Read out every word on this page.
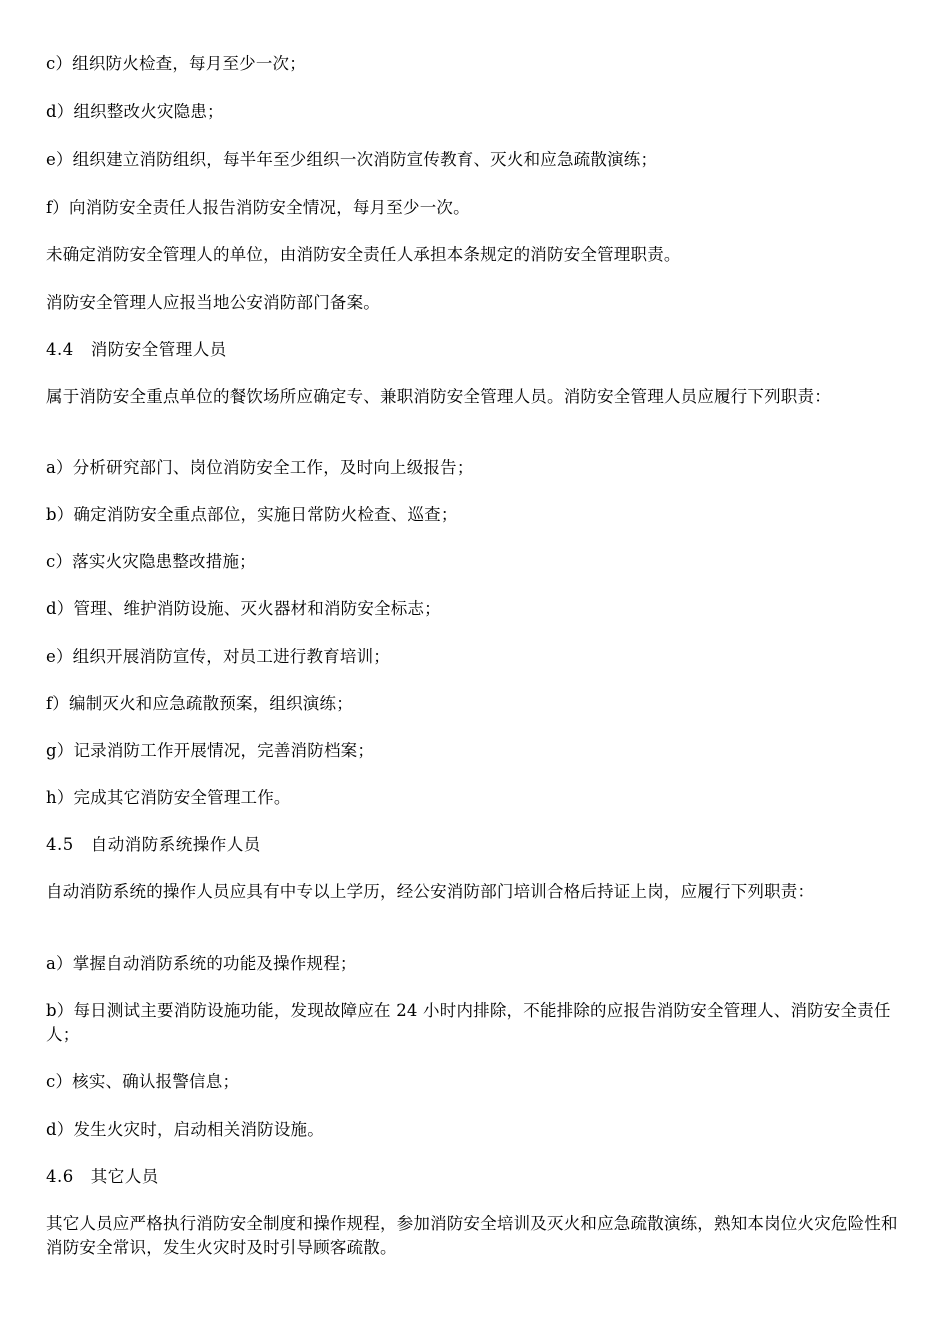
c）组织防火检查，每月至少一次；
d）组织整改火灾隐患；
e）组织建立消防组织，每半年至少组织一次消防宣传教育、灭火和应急疏散演练；
f）向消防安全责任人报告消防安全情况，每月至少一次。
未确定消防安全管理人的单位，由消防安全责任人承担本条规定的消防安全管理职责。
消防安全管理人应报当地公安消防部门备案。
4.4　消防安全管理人员
属于消防安全重点单位的餐饮场所应确定专、兼职消防安全管理人员。消防安全管理人员应履行下列职责：
a）分析研究部门、岗位消防安全工作，及时向上级报告；
b）确定消防安全重点部位，实施日常防火检查、巡查；
c）落实火灾隐患整改措施；
d）管理、维护消防设施、灭火器材和消防安全标志；
e）组织开展消防宣传，对员工进行教育培训；
f）编制灭火和应急疏散预案，组织演练；
g）记录消防工作开展情况，完善消防档案；
h）完成其它消防安全管理工作。
4.5　自动消防系统操作人员
自动消防系统的操作人员应具有中专以上学历，经公安消防部门培训合格后持证上岗，应履行下列职责：
a）掌握自动消防系统的功能及操作规程；
b）每日测试主要消防设施功能，发现故障应在 24 小时内排除，不能排除的应报告消防安全管理人、消防安全责任人；
c）核实、确认报警信息；
d）发生火灾时，启动相关消防设施。
4.6　其它人员
其它人员应严格执行消防安全制度和操作规程，参加消防安全培训及灭火和应急疏散演练，熟知本岗位火灾危险性和消防安全常识，发生火灾时及时引导顾客疏散。
